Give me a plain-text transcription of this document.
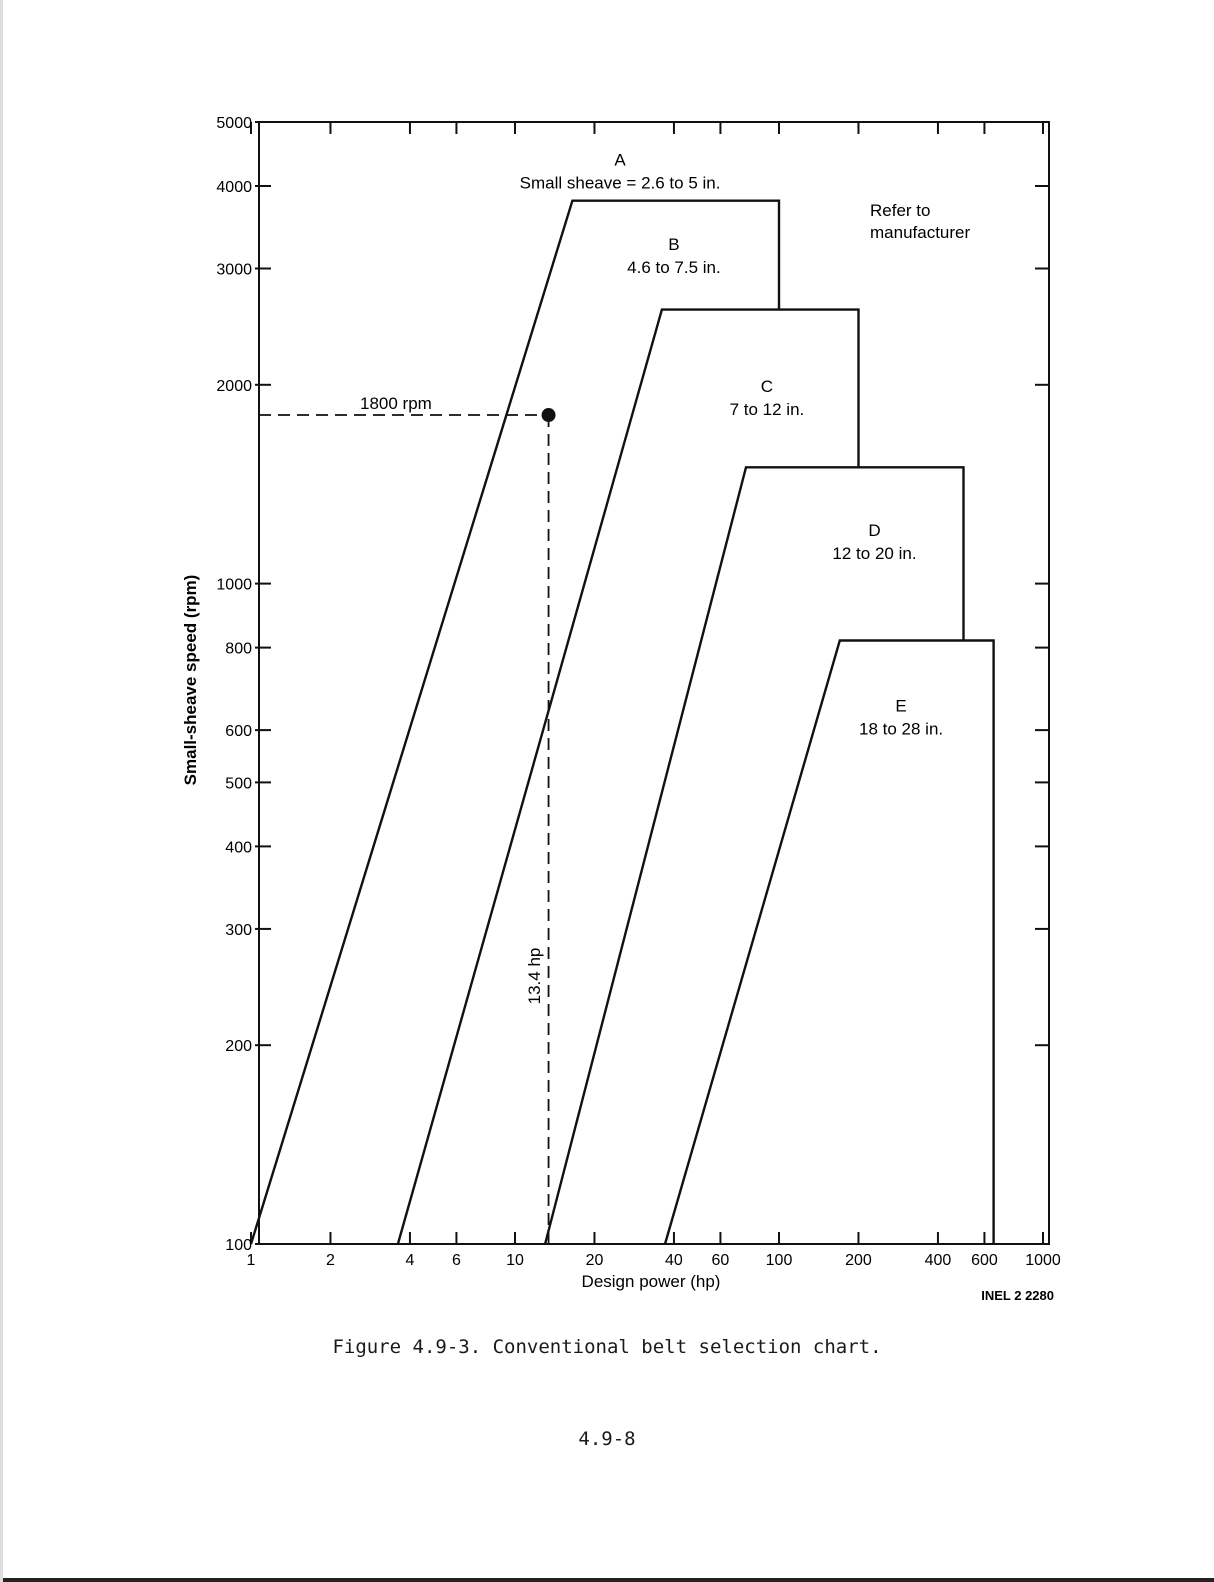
1	2	4 6	10	20	40 60 100	200	400 600 1000
100
200
300
400
500
600
800
1000
2000
3000
4000
5000
A
Small sheave = 2.6 to 5 in.
B
4.6 to 7.5 in.
C
7 to 12 in.
D
12 to 20 in.
E
18 to 28 in.
Design power (hp)
Small-sheave speed (rpm)
INEL 2 2280
Refer to
manufacturer
1800 rpm
13.4 hp
Figure 4.9-3. Conventional belt selection chart.
4.9-8
